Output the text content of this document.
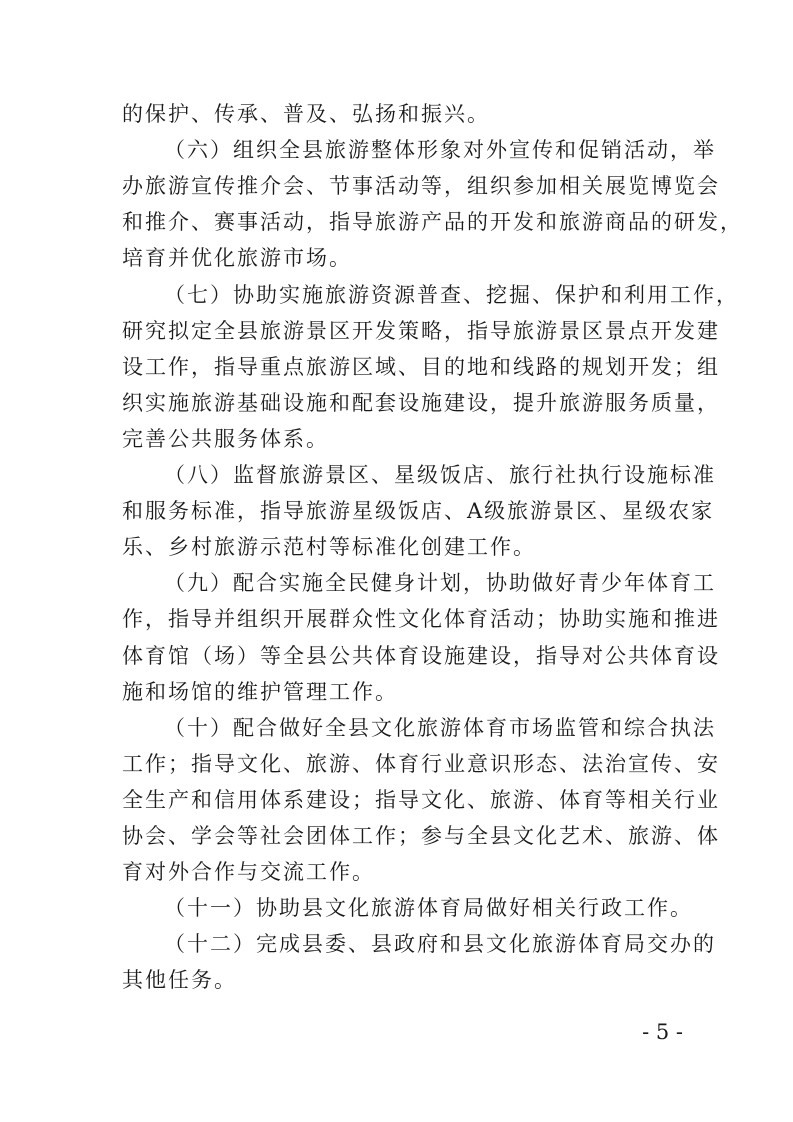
的保护、传承、普及、弘扬和振兴。
（六）组织全县旅游整体形象对外宣传和促销活动，举
办旅游宣传推介会、节事活动等，组织参加相关展览博览会
和推介、赛事活动，指导旅游产品的开发和旅游商品的研发，
培育并优化旅游市场。
（七）协助实施旅游资源普查、挖掘、保护和利用工作，
研究拟定全县旅游景区开发策略，指导旅游景区景点开发建
设工作，指导重点旅游区域、目的地和线路的规划开发；组
织实施旅游基础设施和配套设施建设，提升旅游服务质量，
完善公共服务体系。
（八）监督旅游景区、星级饭店、旅行社执行设施标准
和服务标准，指导旅游星级饭店、A级旅游景区、星级农家
乐、乡村旅游示范村等标准化创建工作。
（九）配合实施全民健身计划，协助做好青少年体育工
作，指导并组织开展群众性文化体育活动；协助实施和推进
体育馆（场）等全县公共体育设施建设，指导对公共体育设
施和场馆的维护管理工作。
（十）配合做好全县文化旅游体育市场监管和综合执法
工作；指导文化、旅游、体育行业意识形态、法治宣传、安
全生产和信用体系建设；指导文化、旅游、体育等相关行业
协会、学会等社会团体工作；参与全县文化艺术、旅游、体
育对外合作与交流工作。
（十一）协助县文化旅游体育局做好相关行政工作。
（十二）完成县委、县政府和县文化旅游体育局交办的
其他任务。
- 5 -
